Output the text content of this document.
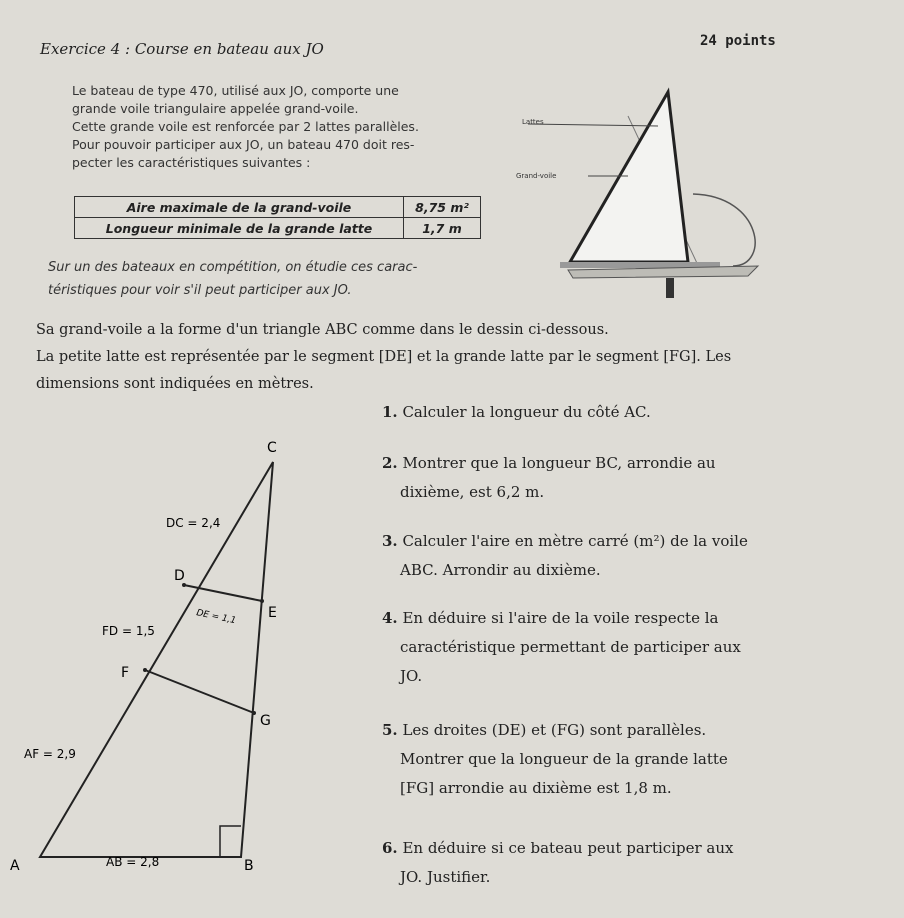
Exercice 4 : Course en bateau aux JO	24 points

Le bateau de type 470, utilisé aux JO, comporte une

grande voile triangulaire appelée grand-voile.

Cette grande voile est renforcée par 2 lattes parallèles.

Pour pouvoir participer aux JO, un bateau 470 doit res-

pecter les caractéristiques suivantes :

Aire maximale de la grand-voile	8,75 m²
Longueur minimale de la grande latte	1,7 m
Lattes
Grand-voile

Sur un des bateaux en compétition, on étudie ces carac-

téristiques pour voir s'il peut participer aux JO.

Sa grand-voile a la forme d'un triangle ABC comme dans le dessin ci-dessous.

La petite latte est représentée par le segment [DE] et la grande latte par le segment [FG]. Les

dimensions sont indiquées en mètres.

C
D
E
F
G
A	B
DC = 2,4
FD = 1,5
DE = 1,1
AF = 2,9
AB = 2,8

1. Calculer la longueur du côté AC.

2. Montrer que la longueur BC, arrondie au

dixième, est 6,2 m.

3. Calculer l'aire en mètre carré (m²) de la voile

ABC. Arrondir au dixième.

4. En déduire si l'aire de la voile respecte la

caractéristique permettant de participer aux

JO.

5. Les droites (DE) et (FG) sont parallèles.

Montrer que la longueur de la grande latte

[FG] arrondie au dixième est 1,8 m.

6. En déduire si ce bateau peut participer aux

JO. Justifier.
